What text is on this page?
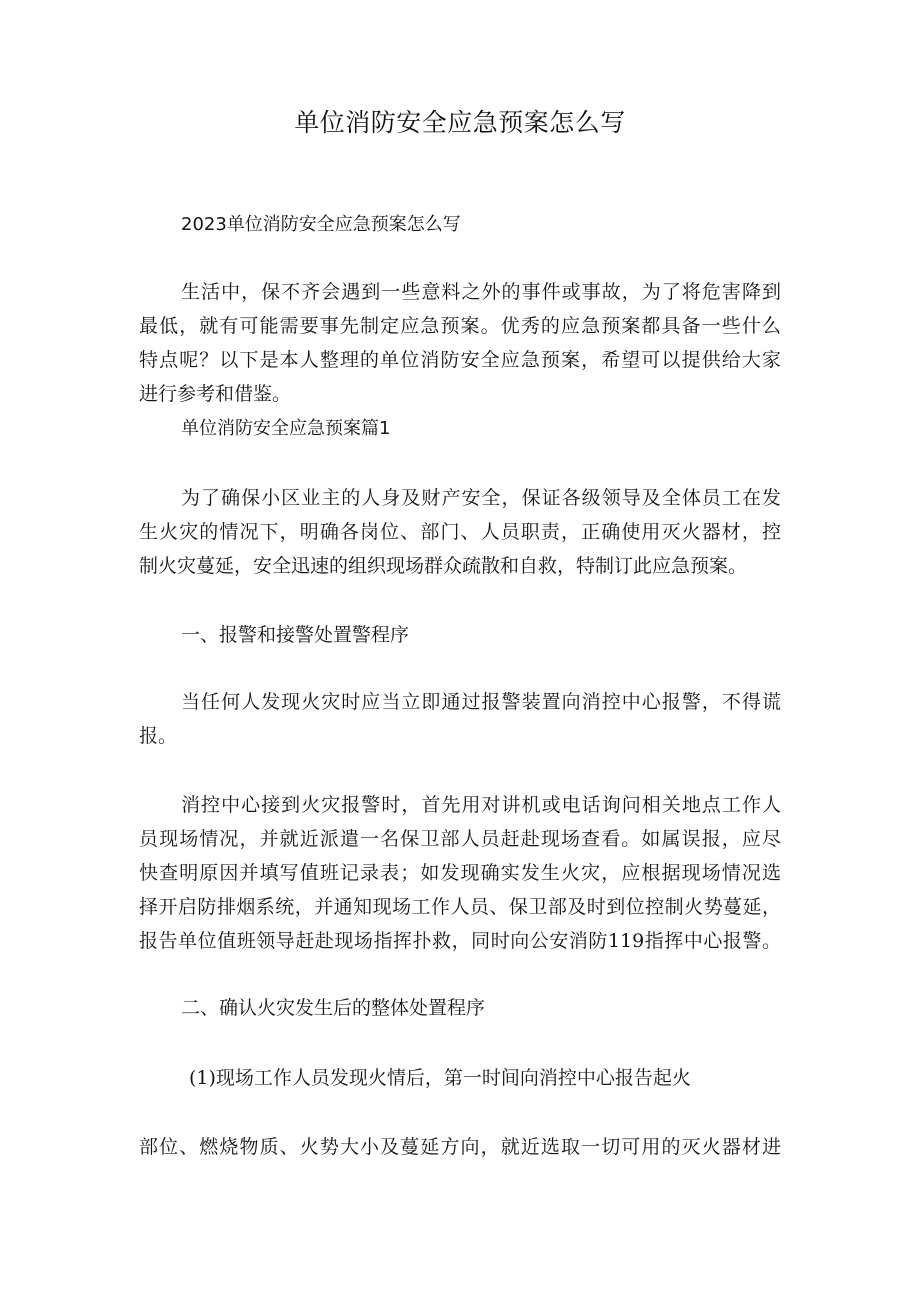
单位消防安全应急预案怎么写
2023单位消防安全应急预案怎么写
生活中，保不齐会遇到一些意料之外的事件或事故，为了将危害降到
最低，就有可能需要事先制定应急预案。优秀的应急预案都具备一些什么
特点呢？以下是本人整理的单位消防安全应急预案，希望可以提供给大家
进行参考和借鉴。
单位消防安全应急预案篇1
为了确保小区业主的人身及财产安全，保证各级领导及全体员工在发
生火灾的情况下，明确各岗位、部门、人员职责，正确使用灭火器材，控
制火灾蔓延，安全迅速的组织现场群众疏散和自救，特制订此应急预案。
一、报警和接警处置警程序
当任何人发现火灾时应当立即通过报警装置向消控中心报警，不得谎
报。
消控中心接到火灾报警时，首先用对讲机或电话询问相关地点工作人
员现场情况，并就近派遣一名保卫部人员赶赴现场查看。如属误报，应尽
快查明原因并填写值班记录表；如发现确实发生火灾，应根据现场情况选
择开启防排烟系统，并通知现场工作人员、保卫部及时到位控制火势蔓延，
报告单位值班领导赶赴现场指挥扑救，同时向公安消防119指挥中心报警。
二、确认火灾发生后的整体处置程序
(1)现场工作人员发现火情后，第一时间向消控中心报告起火
部位、燃烧物质、火势大小及蔓延方向，就近选取一切可用的灭火器材进
